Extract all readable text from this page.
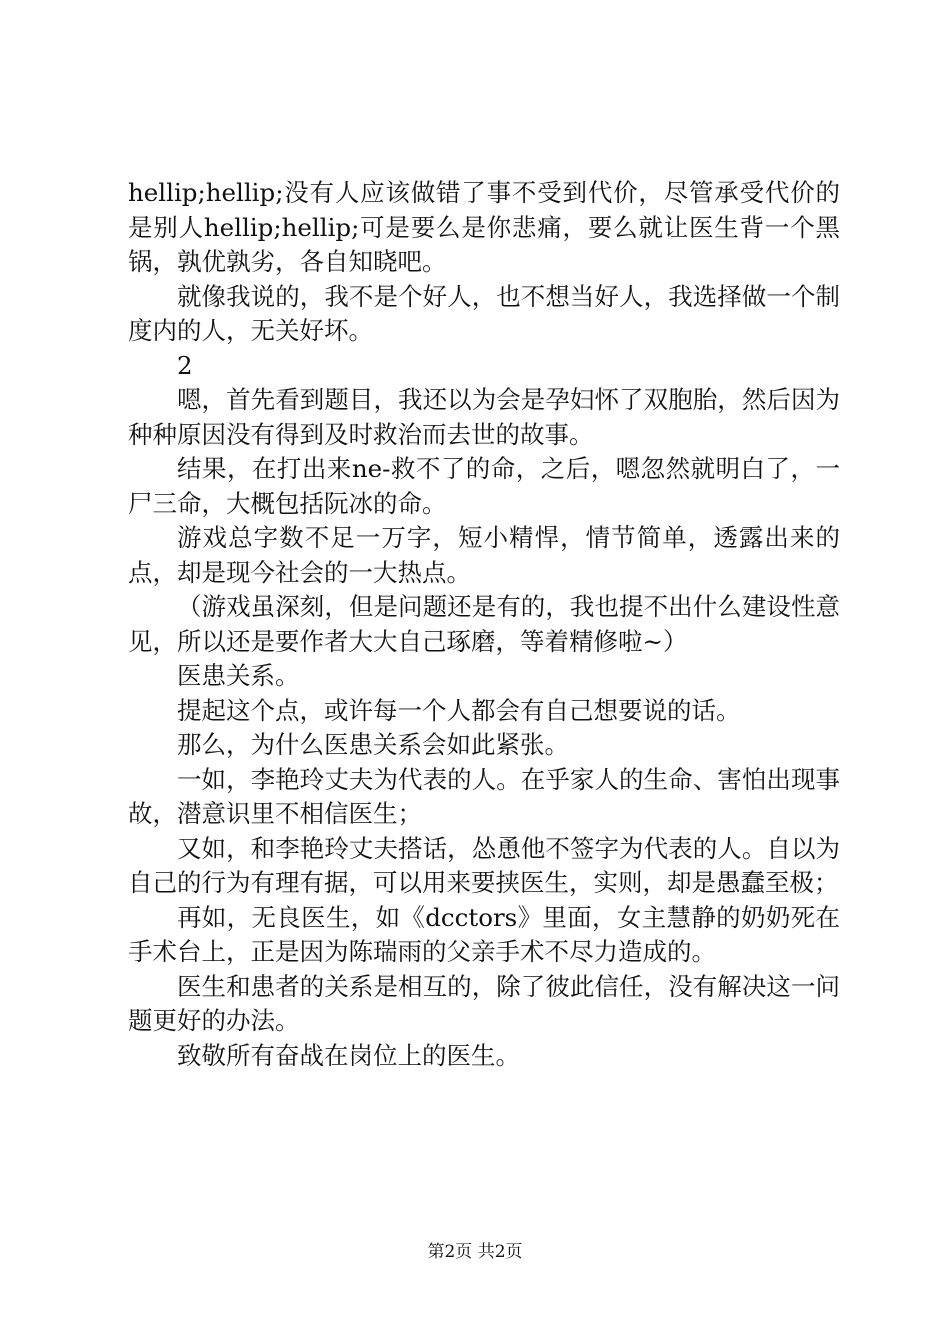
hellip;hellip;没有人应该做错了事不受到代价，尽管承受代价的是别人hellip;hellip;可是要么是你悲痛，要么就让医生背一个黑锅，孰优孰劣，各自知晓吧。

就像我说的，我不是个好人，也不想当好人，我选择做一个制度内的人，无关好坏。

2

嗯，首先看到题目，我还以为会是孕妇怀了双胞胎，然后因为种种原因没有得到及时救治而去世的故事。

结果，在打出来ne-救不了的命，之后，嗯忽然就明白了，一尸三命，大概包括阮冰的命。

游戏总字数不足一万字，短小精悍，情节简单，透露出来的点，却是现今社会的一大热点。

（游戏虽深刻，但是问题还是有的，我也提不出什么建设性意见，所以还是要作者大大自己琢磨，等着精修啦~）

医患关系。

提起这个点，或许每一个人都会有自己想要说的话。

那么，为什么医患关系会如此紧张。

一如，李艳玲丈夫为代表的人。在乎家人的生命、害怕出现事故，潜意识里不相信医生；

又如，和李艳玲丈夫搭话，怂恿他不签字为代表的人。自以为自己的行为有理有据，可以用来要挟医生，实则，却是愚蠢至极；

再如，无良医生，如《dcctors》里面，女主慧静的奶奶死在手术台上，正是因为陈瑞雨的父亲手术不尽力造成的。

医生和患者的关系是相互的，除了彼此信任，没有解决这一问题更好的办法。

致敬所有奋战在岗位上的医生。

第2页 共2页
